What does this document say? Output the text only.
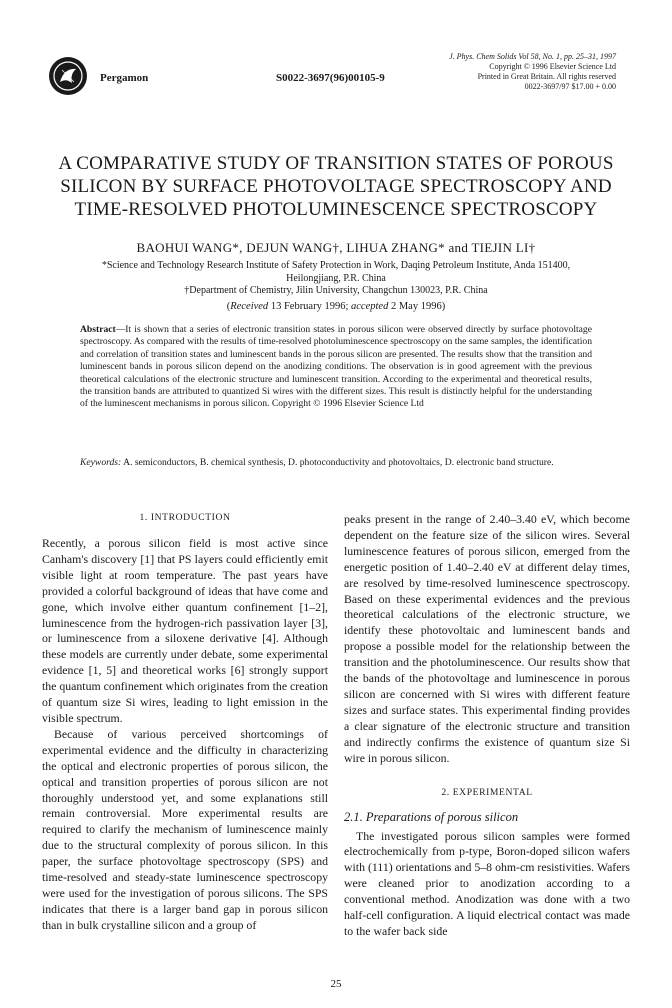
Pergamon	S0022-3697(96)00105-9
J. Phys. Chem Solids Vol 58, No. 1, pp. 25–31, 1997
Copyright © 1996 Elsevier Science Ltd
Printed in Great Britain. All rights reserved
0022-3697/97 $17.00 + 0.00
A COMPARATIVE STUDY OF TRANSITION STATES OF POROUS
SILICON BY SURFACE PHOTOVOLTAGE SPECTROSCOPY AND
TIME-RESOLVED PHOTOLUMINESCENCE SPECTROSCOPY
BAOHUI WANG*, DEJUN WANG†, LIHUA ZHANG* and TIEJIN LI†
*Science and Technology Research Institute of Safety Protection in Work, Daqing Petroleum Institute, Anda 151400,
Heilongjiang, P.R. China
†Department of Chemistry, Jilin University, Changchun 130023, P.R. China
(Received 13 February 1996; accepted 2 May 1996)
Abstract—It is shown that a series of electronic transition states in porous silicon were observed directly by surface photovoltage spectroscopy. As compared with the results of time-resolved photoluminescence spectroscopy on the same samples, the identification and correlation of transition states and luminescent bands in the porous silicon are presented. The results show that the transition and luminescent bands in porous silicon depend on the anodizing conditions. The observation is in good agreement with the previous theoretical calculations of the electronic structure and luminescent transition. According to the experimental and theoretical results, the transition bands are attributed to quantized Si wires with the different sizes. This result is distinctly helpful for the understanding of the luminescent mechanisms in porous silicon. Copyright © 1996 Elsevier Science Ltd
Keywords: A. semiconductors, B. chemical synthesis, D. photoconductivity and photovoltaics, D. electronic band structure.
1. INTRODUCTION

Recently, a porous silicon field is most active since Canham's discovery [1] that PS layers could efficiently emit visible light at room temperature. The past years have provided a colorful background of ideas that have come and gone, which involve either quantum confinement [1–2], luminescence from the hydrogen-rich passivation layer [3], or luminescence from a siloxene derivative [4]. Although these models are currently under debate, some experimental evidence [1, 5] and theoretical works [6] strongly support the quantum confinement which originates from the creation of quantum size Si wires, leading to light emission in the visible spectrum.

Because of various perceived shortcomings of experimental evidence and the difficulty in characterizing the optical and electronic properties of porous silicon, the optical and transition properties of porous silicon are not thoroughly understood yet, and some explanations still remain controversial. More experimental results are required to clarify the mechanism of luminescence mainly due to the structural complexity of porous silicon. In this paper, the surface photovoltage spectroscopy (SPS) and time-resolved and steady-state luminescence spectroscopy were used for the investigation of porous silicons. The SPS indicates that there is a larger band gap in porous silicon than in bulk crystalline silicon and a group of

peaks present in the range of 2.40–3.40 eV, which become dependent on the feature size of the silicon wires. Several luminescence features of porous silicon, emerged from the energetic position of 1.40–2.40 eV at different delay times, are resolved by time-resolved luminescence spectroscopy. Based on these experimental evidences and the previous theoretical calculations of the electronic structure, we identify these photovoltaic and luminescent bands and propose a possible model for the relationship between the transition and the photoluminescence. Our results show that the bands of the photovoltage and luminescence in porous silicon are concerned with Si wires with different feature sizes and surface states. This experimental finding provides a clear signature of the electronic structure and transition and indirectly confirms the existence of quantum size Si wire in porous silicon.

2. EXPERIMENTAL
2.1. Preparations of porous silicon

The investigated porous silicon samples were formed electrochemically from p-type, Boron-doped silicon wafers with (111) orientations and 5–8 ohm-cm resistivities. Wafers were cleaned prior to anodization according to a conventional method. Anodization was done with a two half-cell configuration. A liquid electrical contact was made to the wafer back side

25
